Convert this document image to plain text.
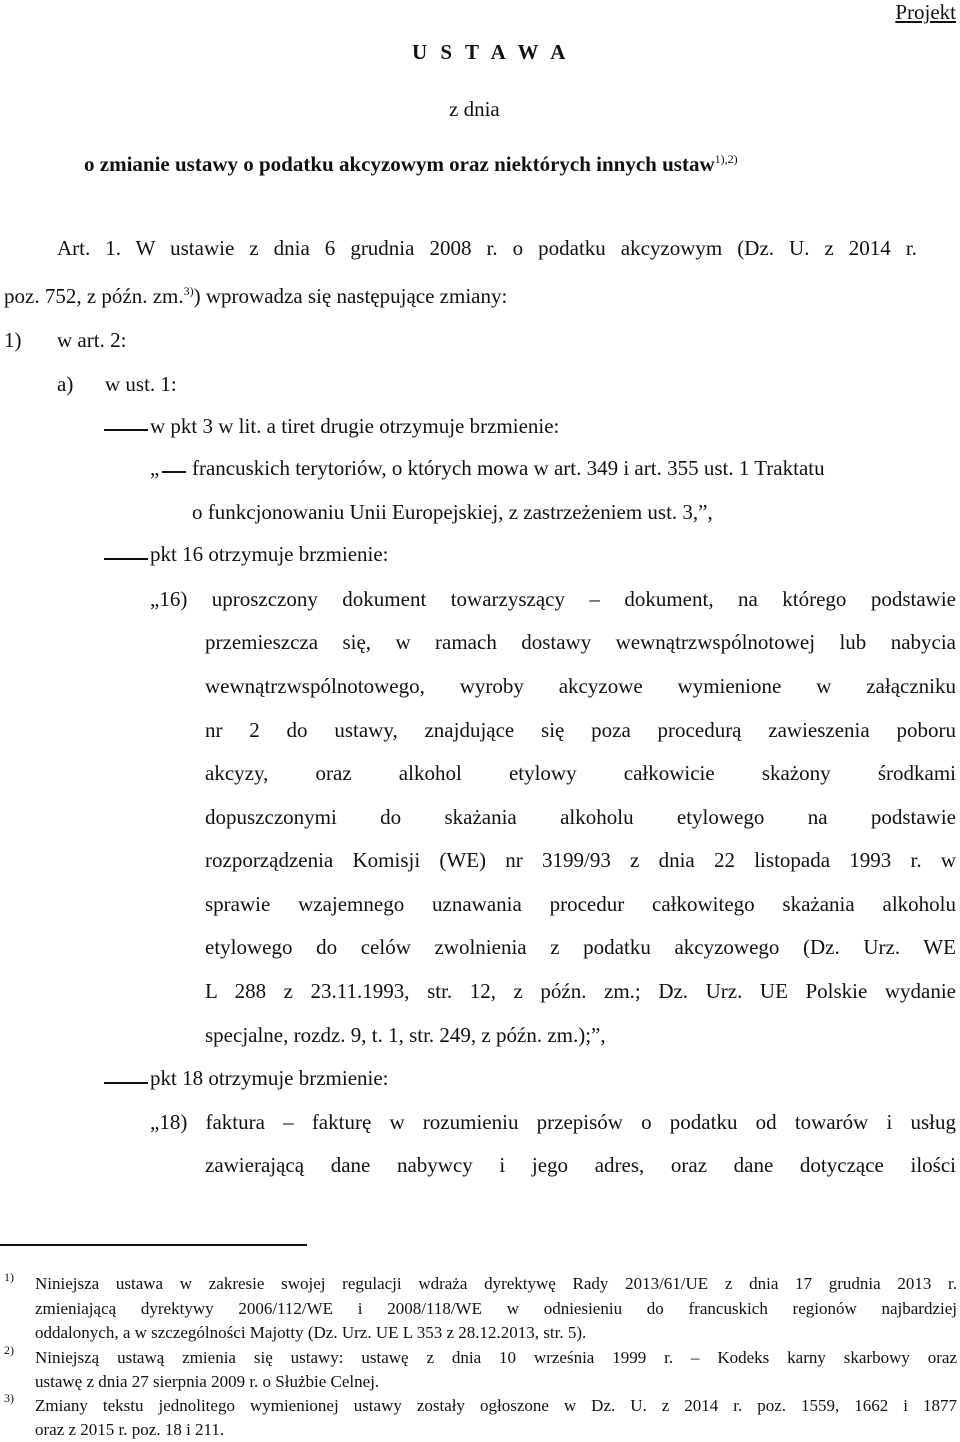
Projekt
U S T A W A
z dnia
o zmianie ustawy o podatku akcyzowym oraz niektórych innych ustaw$^{1),2)}$
Art. 1. W ustawie z dnia 6 grudnia 2008 r. o podatku akcyzowym (Dz. U. z 2014 r.
poz. 752, z późn. zm.$^{3)}$) wprowadza się następujące zmiany:
1) w art. 2:
a) w ust. 1:
w pkt 3 w lit. a tiret drugie otrzymuje brzmienie:
„ francuskich terytoriów, o których mowa w art. 349 i art. 355 ust. 1 Traktatu
o funkcjonowaniu Unii Europejskiej, z zastrzeżeniem ust. 3,”,
pkt 16 otrzymuje brzmienie:
„16) uproszczony dokument towarzyszący – dokument, na którego podstawie
przemieszcza się, w ramach dostawy wewnątrzwspólnotowej lub nabycia
wewnątrzwspólnotowego, wyroby akcyzowe wymienione w załączniku
nr 2 do ustawy, znajdujące się poza procedurą zawieszenia poboru
akcyzy, oraz alkohol etylowy całkowicie skażony środkami
dopuszczonymi do skażania alkoholu etylowego na podstawie
rozporządzenia Komisji (WE) nr 3199/93 z dnia 22 listopada 1993 r. w
sprawie wzajemnego uznawania procedur całkowitego skażania alkoholu
etylowego do celów zwolnienia z podatku akcyzowego (Dz. Urz. WE
L 288 z 23.11.1993, str. 12, z późn. zm.; Dz. Urz. UE Polskie wydanie
specjalne, rozdz. 9, t. 1, str. 249, z późn. zm.);”,
pkt 18 otrzymuje brzmienie:
„18) faktura – fakturę w rozumieniu przepisów o podatku od towarów i usług
zawierającą dane nabywcy i jego adres, oraz dane dotyczące ilości
1) Niniejsza ustawa w zakresie swojej regulacji wdraża dyrektywę Rady 2013/61/UE z dnia 17 grudnia 2013 r.
zmieniającą dyrektywy 2006/112/WE i 2008/118/WE w odniesieniu do francuskich regionów najbardziej
oddalonych, a w szczególności Majotty (Dz. Urz. UE L 353 z 28.12.2013, str. 5).
2) Niniejszą ustawą zmienia się ustawy: ustawę z dnia 10 września 1999 r. – Kodeks karny skarbowy oraz
ustawę z dnia 27 sierpnia 2009 r. o Służbie Celnej.
3) Zmiany tekstu jednolitego wymienionej ustawy zostały ogłoszone w Dz. U. z 2014 r. poz. 1559, 1662 i 1877
oraz z 2015 r. poz. 18 i 211.
